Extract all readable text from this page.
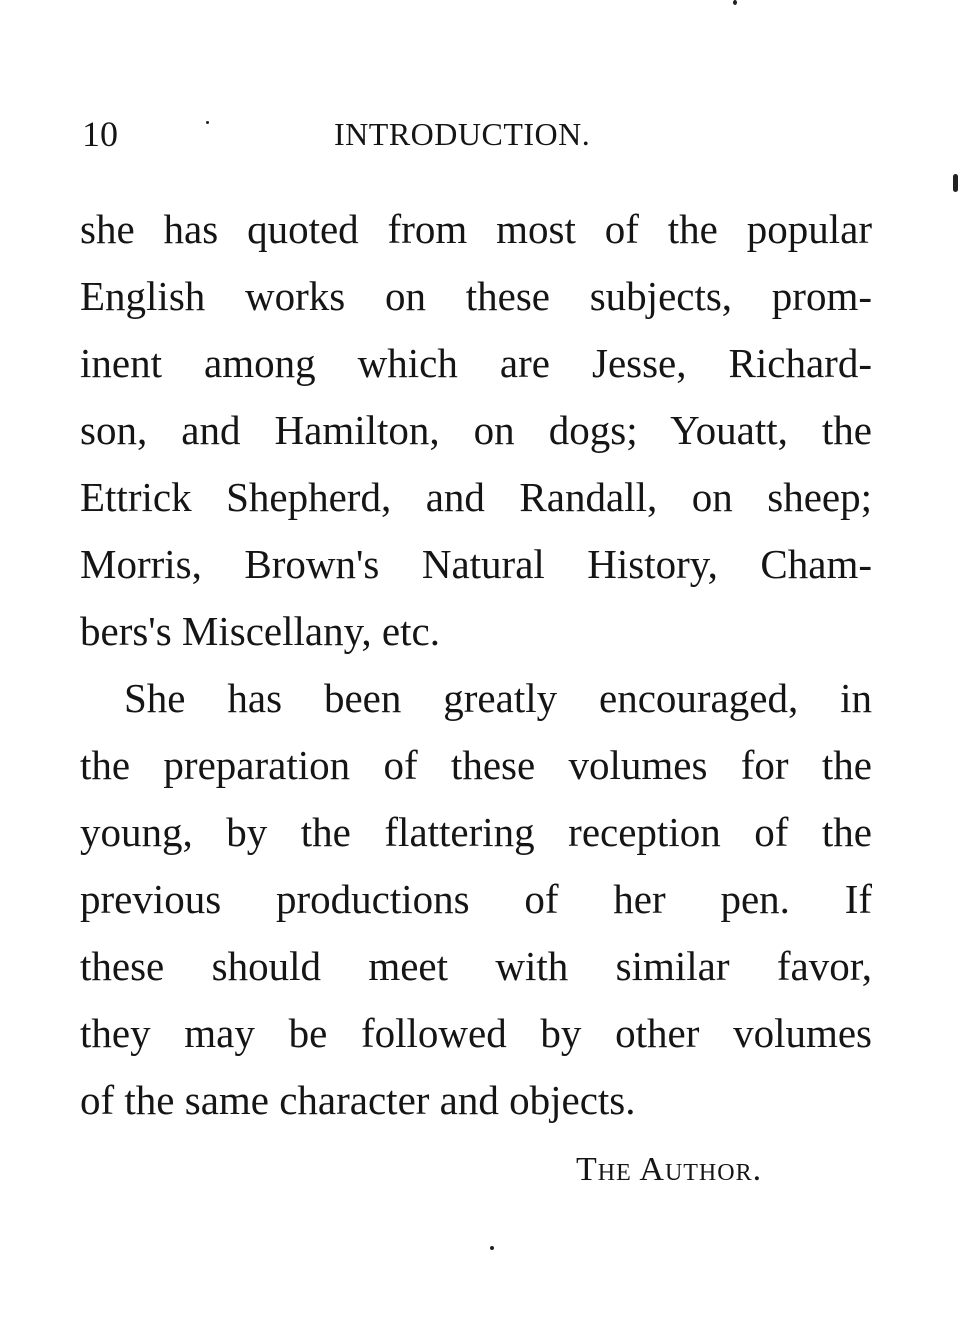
10	INTRODUCTION.
she has quoted from most of the popular
English works on these subjects, prom-
inent among which are Jesse, Richard-
son, and Hamilton, on dogs; Youatt, the
Ettrick Shepherd, and Randall, on sheep;
Morris, Brown's Natural History, Cham-
bers's Miscellany, etc.
She has been greatly encouraged, in
the preparation of these volumes for the
young, by the flattering reception of the
previous productions of her pen. If
these should meet with similar favor,
they may be followed by other volumes
of the same character and objects.
The Author.
